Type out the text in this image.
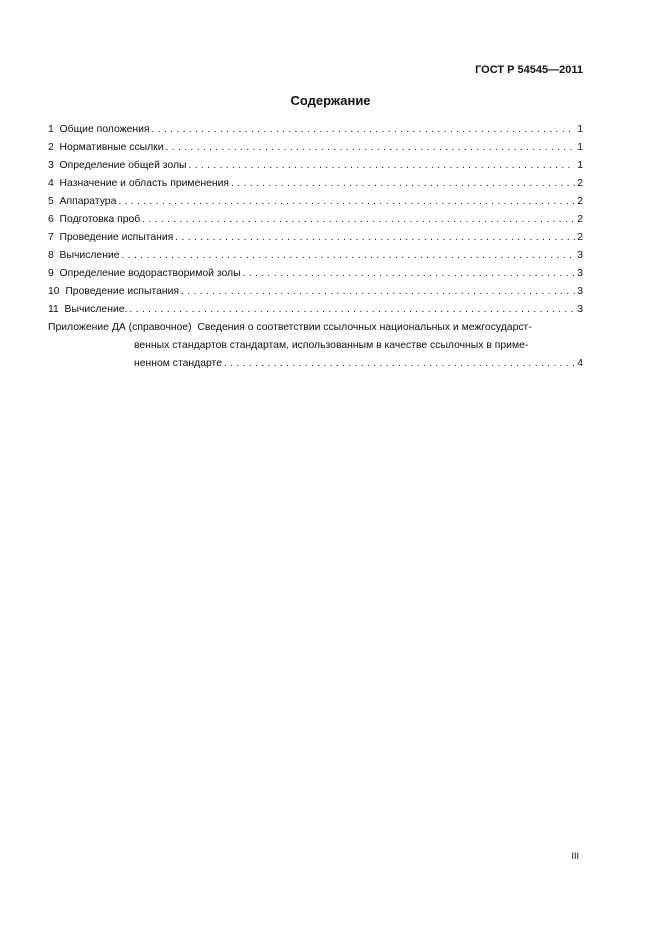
ГОСТ Р 54545—2011
Содержание
1  Общие положения .....	1
2  Нормативные ссылки .....	1
3  Определение общей золы .....	1
4  Назначение и область применения .....	2
5  Аппаратура .....	2
6  Подготовка проб .....	2
7  Проведение испытания .....	2
8  Вычисление .....	3
9  Определение водорастворимой золы .....	3
10  Проведение испытания .....	3
11  Вычисление. .....	3
Приложение ДА (справочное)  Сведения о соответствии ссылочных национальных и межгосударст-
венных стандартов стандартам, использованным в качестве ссылочных в приме-
ненном стандарте .....	4
III
